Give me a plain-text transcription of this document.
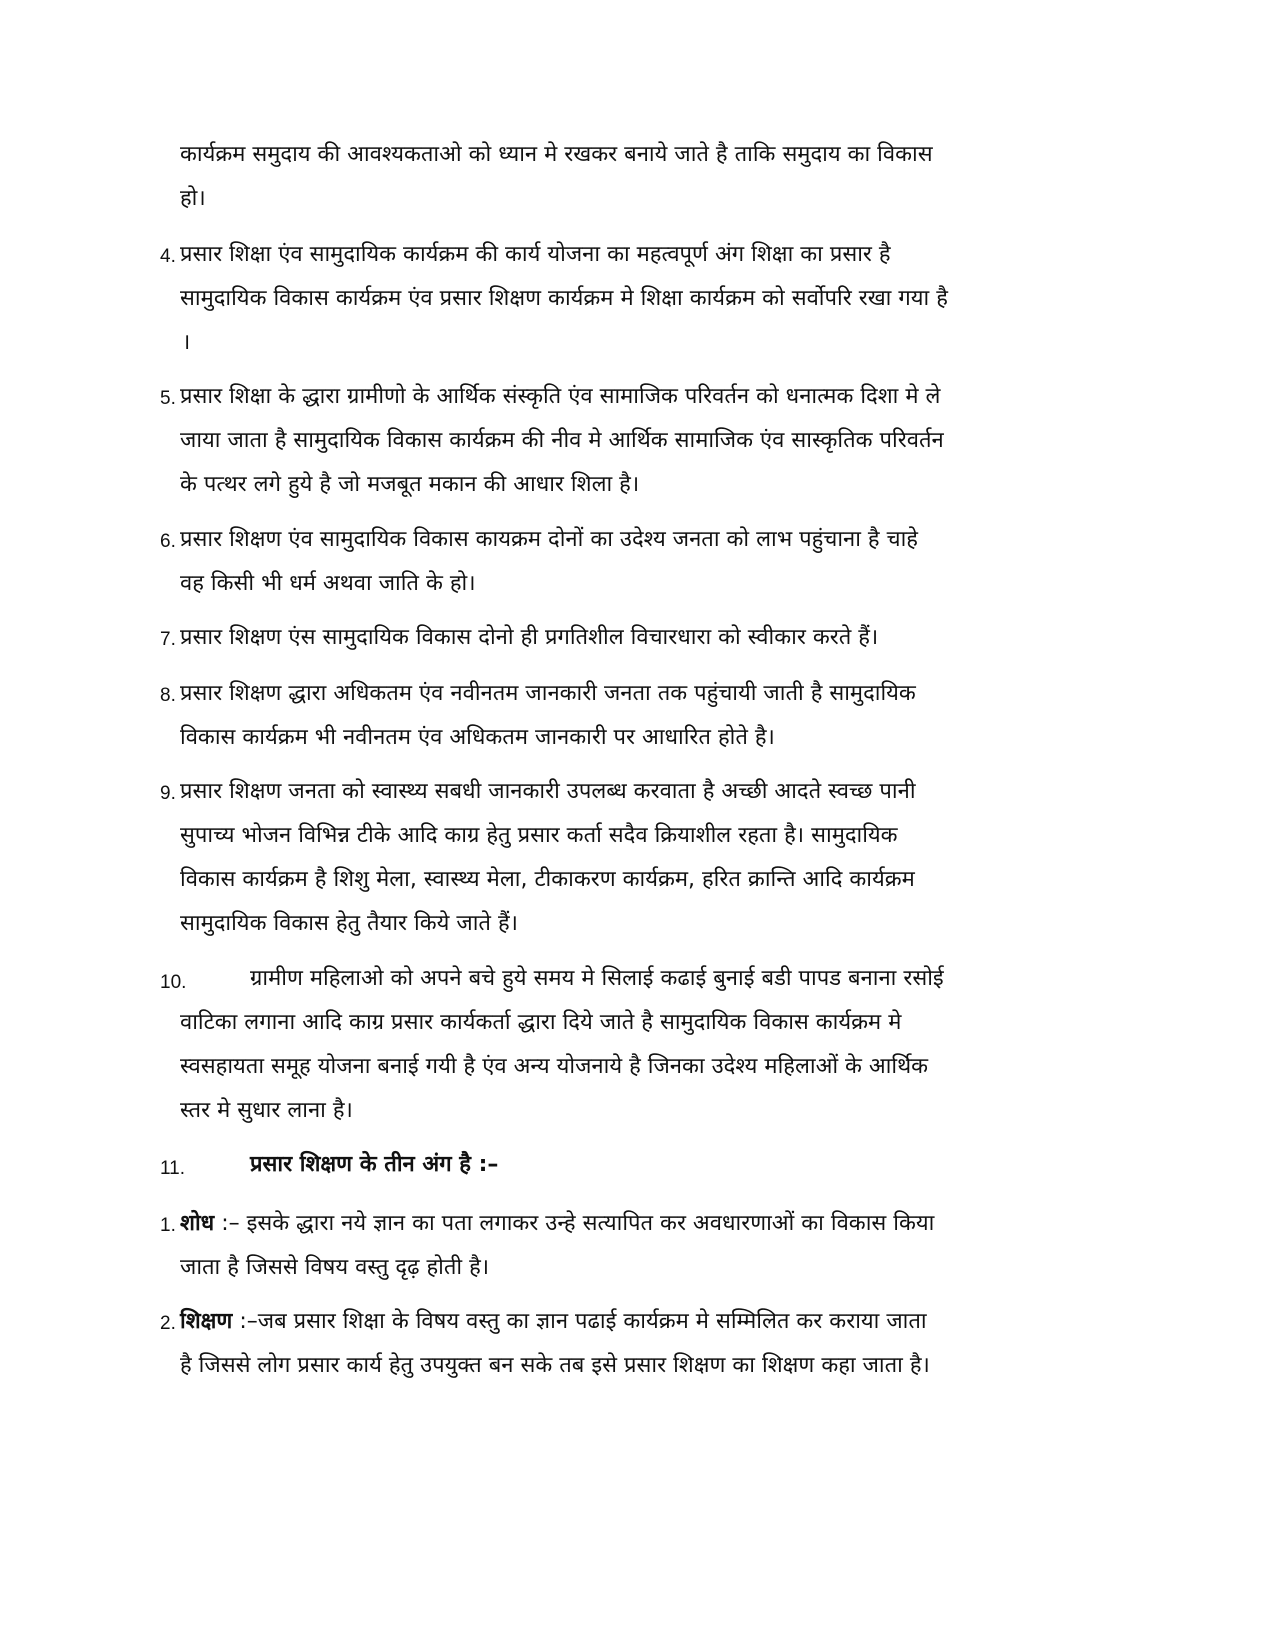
कार्यक्रम समुदाय की आवश्यकताओ को ध्यान मे रखकर बनाये जाते है ताकि समुदाय का विकास
हो।
4. प्रसार शिक्षा एंव सामुदायिक कार्यक्रम की कार्य योजना का महत्वपूर्ण अंग शिक्षा का प्रसार है
सामुदायिक विकास कार्यक्रम एंव प्रसार शिक्षण कार्यक्रम मे शिक्षा कार्यक्रम को सर्वोपरि रखा गया है
।
5. प्रसार शिक्षा के द्धारा ग्रामीणो के आर्थिक संस्कृति एंव सामाजिक परिवर्तन को धनात्मक दिशा मे ले
जाया जाता है सामुदायिक विकास कार्यक्रम की नीव मे आर्थिक सामाजिक एंव सास्कृतिक परिवर्तन
के पत्थर लगे हुये है जो मजबूत मकान की आधार शिला है।
6. प्रसार शिक्षण एंव सामुदायिक विकास कायक्रम दोनों का उदेश्य जनता को लाभ पहुंचाना है चाहे
वह किसी भी धर्म अथवा जाति के हो।
7. प्रसार शिक्षण एंस सामुदायिक विकास दोनो ही प्रगतिशील विचारधारा को स्वीकार करते हैं।
8. प्रसार शिक्षण द्धारा अधिकतम एंव नवीनतम जानकारी जनता तक पहुंचायी जाती है सामुदायिक
विकास कार्यक्रम भी नवीनतम एंव अधिकतम जानकारी पर आधारित होते है।
9. प्रसार शिक्षण जनता को स्वास्थ्य सबधी जानकारी उपलब्ध करवाता है अच्छी आदते स्वच्छ पानी
सुपाच्य भोजन विभिन्न टीके आदि काग्र हेतु प्रसार कर्ता सदैव क्रियाशील रहता है। सामुदायिक
विकास कार्यक्रम है शिशु मेला, स्वास्थ्य मेला, टीकाकरण कार्यक्रम, हरित क्रान्ति आदि कार्यक्रम
सामुदायिक विकास हेतु तैयार किये जाते हैं।
10.	ग्रामीण महिलाओ को अपने बचे हुये समय मे सिलाई कढाई बुनाई बडी पापड बनाना रसोई
वाटिका लगाना आदि काग्र प्रसार कार्यकर्ता द्धारा दिये जाते है सामुदायिक विकास कार्यक्रम मे
स्वसहायता समूह योजना बनाई गयी है एंव अन्य योजनाये है जिनका उदेश्य महिलाओं के आर्थिक
स्तर मे सुधार लाना है।
11.	प्रसार शिक्षण के तीन अंग है :–
1. शोध :– इसके द्धारा नये ज्ञान का पता लगाकर उन्हे सत्यापित कर अवधारणाओं का विकास किया
जाता है जिससे विषय वस्तु दृढ़ होती है।
2. शिक्षण :–जब प्रसार शिक्षा के विषय वस्तु का ज्ञान पढाई कार्यक्रम मे सम्मिलित कर कराया जाता
है जिससे लोग प्रसार कार्य हेतु उपयुक्त बन सके तब इसे प्रसार शिक्षण का शिक्षण कहा जाता है।
